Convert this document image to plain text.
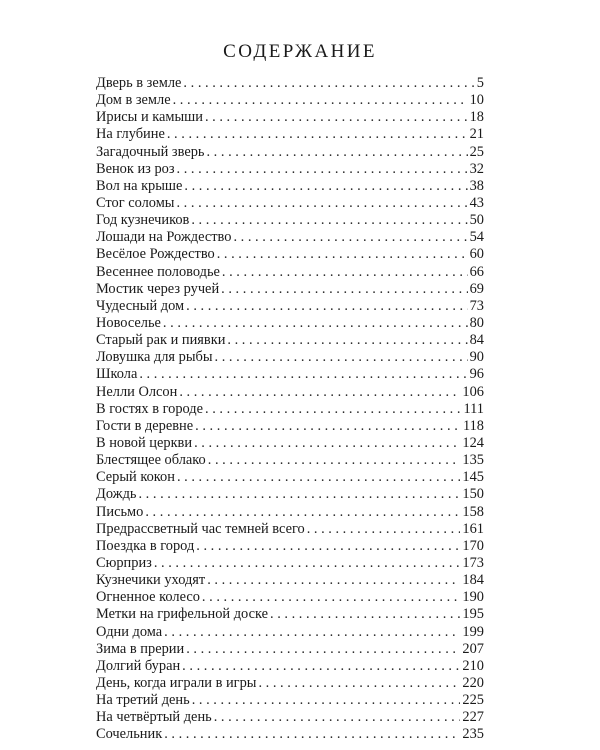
СОДЕРЖАНИЕ
Дверь в земле . . .	5
Дом в земле . . .	10
Ирисы и камыши . . .	18
На глубине . . .	21
Загадочный зверь . . .	25
Венок из роз . . .	32
Вол на крыше . . .	38
Стог соломы . . .	43
Год кузнечиков . . .	50
Лошади на Рождество . . .	54
Весёлое Рождество . . .	60
Весеннее половодье . . .	66
Мостик через ручей . . .	69
Чудесный дом . . .	73
Новоселье . . .	80
Старый рак и пиявки . . .	84
Ловушка для рыбы . . .	90
Школа . . .	96
Нелли Олсон . . .	106
В гостях в городе . . .	111
Гости в деревне . . .	118
В новой церкви . . .	124
Блестящее облако . . .	135
Серый кокон . . .	145
Дождь . . .	150
Письмо . . .	158
Предрассветный час темней всего . . .	161
Поездка в город . . .	170
Сюрприз . . .	173
Кузнечики уходят . . .	184
Огненное колесо . . .	190
Метки на грифельной доске . . .	195
Одни дома . . .	199
Зима в прерии . . .	207
Долгий буран . . .	210
День, когда играли в игры . . .	220
На третий день . . .	225
На четвёртый день . . .	227
Сочельник . . .	235
